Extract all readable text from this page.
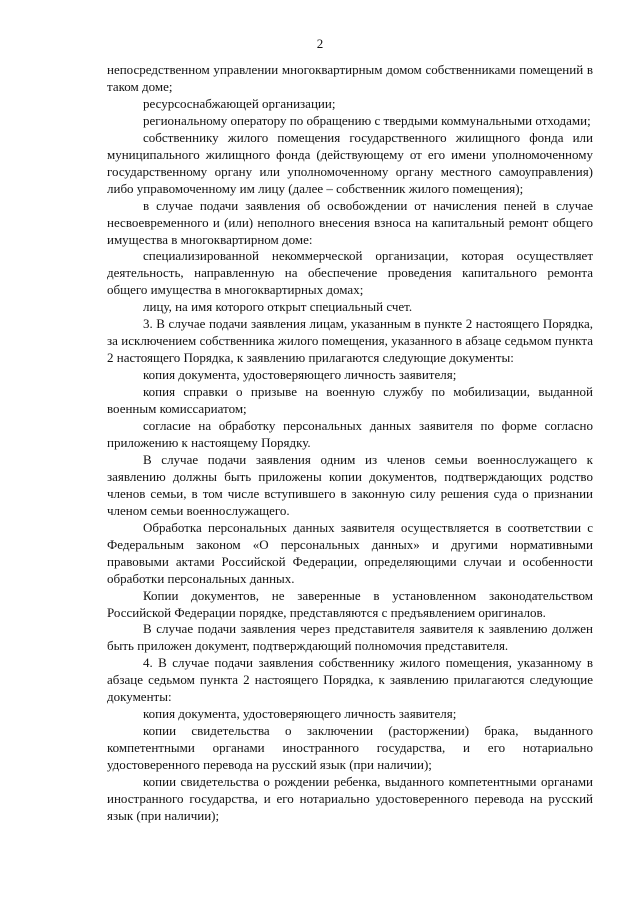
2

непосредственном управлении многоквартирным домом собственниками помещений в таком доме;

ресурсоснабжающей организации;

региональному оператору по обращению с твердыми коммунальными отходами;

собственнику жилого помещения государственного жилищного фонда или муниципального жилищного фонда (действующему от его имени уполномоченному государственному органу или уполномоченному органу местного самоуправления) либо управомоченному им лицу (далее – собственник жилого помещения);

в случае подачи заявления об освобождении от начисления пеней в случае несвоевременного и (или) неполного внесения взноса на капитальный ремонт общего имущества в многоквартирном доме:

специализированной некоммерческой организации, которая осуществляет деятельность, направленную на обеспечение проведения капитального ремонта общего имущества в многоквартирных домах;

лицу, на имя которого открыт специальный счет.

3. В случае подачи заявления лицам, указанным в пункте 2 настоящего Порядка, за исключением собственника жилого помещения, указанного в абзаце седьмом пункта 2 настоящего Порядка, к заявлению прилагаются следующие документы:

копия документа, удостоверяющего личность заявителя;

копия справки о призыве на военную службу по мобилизации, выданной военным комиссариатом;

согласие на обработку персональных данных заявителя по форме согласно приложению к настоящему Порядку.

В случае подачи заявления одним из членов семьи военнослужащего к заявлению должны быть приложены копии документов, подтверждающих родство членов семьи, в том числе вступившего в законную силу решения суда о признании членом семьи военнослужащего.

Обработка персональных данных заявителя осуществляется в соответствии с Федеральным законом «О персональных данных» и другими нормативными правовыми актами Российской Федерации, определяющими случаи и особенности обработки персональных данных.

Копии документов, не заверенные в установленном законодательством Российской Федерации порядке, представляются с предъявлением оригиналов.

В случае подачи заявления через представителя заявителя к заявлению должен быть приложен документ, подтверждающий полномочия представителя.

4. В случае подачи заявления собственнику жилого помещения, указанному в абзаце седьмом пункта 2 настоящего Порядка, к заявлению прилагаются следующие документы:

копия документа, удостоверяющего личность заявителя;

копии свидетельства о заключении (расторжении) брака, выданного компетентными органами иностранного государства, и его нотариально удостоверенного перевода на русский язык (при наличии);

копии свидетельства о рождении ребенка, выданного компетентными органами иностранного государства, и его нотариально удостоверенного перевода на русский язык (при наличии);
